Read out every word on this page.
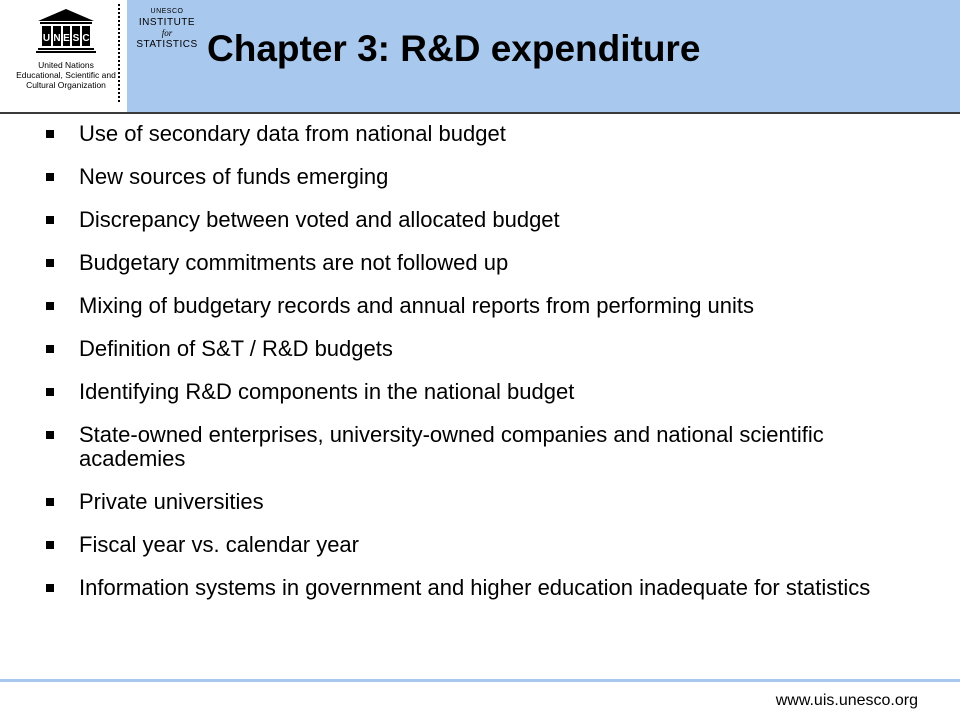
U N E S C
United Nations
Educational, Scientific and
Cultural Organization
UNESCO
INSTITUTE
for
STATISTICS Chapter 3: R&D expenditure
Use of secondary data from national budget
New sources of funds emerging
Discrepancy between voted and allocated budget
Budgetary commitments are not followed up
Mixing of budgetary records and annual reports from performing units
Definition of S&T / R&D budgets
Identifying R&D components in the national budget
State-owned enterprises, university-owned companies and national scientific academies
Private universities
Fiscal year vs. calendar year
Information systems in government and higher education inadequate for statistics
www.uis.unesco.org
